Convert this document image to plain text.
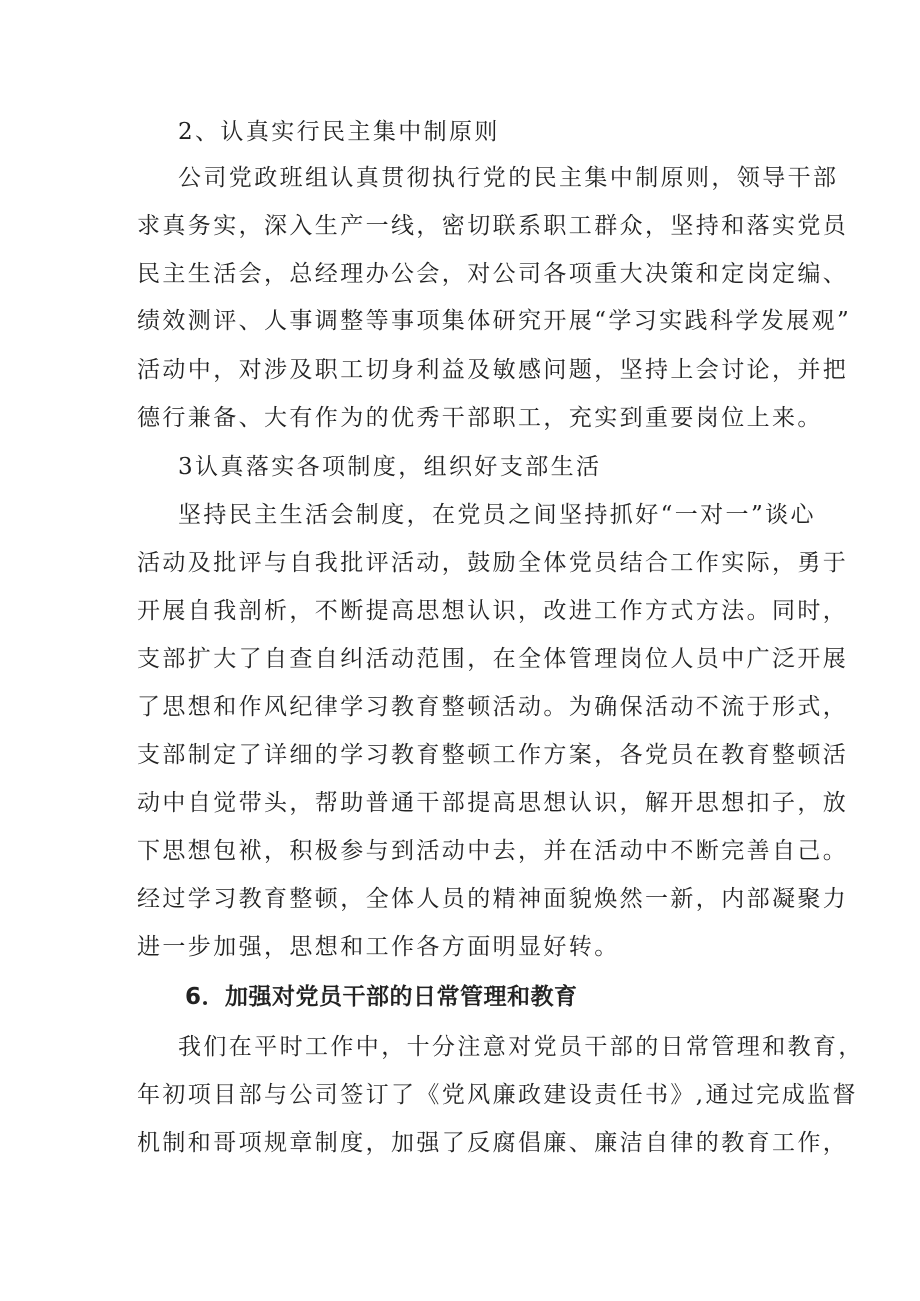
2、认真实行民主集中制原则
公司党政班组认真贯彻执行党的民主集中制原则，领导干部
求真务实，深入生产一线，密切联系职工群众，坚持和落实党员
民主生活会，总经理办公会，对公司各项重大决策和定岗定编、
绩效测评、人事调整等事项集体研究开展“学习实践科学发展观”
活动中，对涉及职工切身利益及敏感问题，坚持上会讨论，并把
德行兼备、大有作为的优秀干部职工，充实到重要岗位上来。
3认真落实各项制度，组织好支部生活
坚持民主生活会制度，在党员之间坚持抓好“一对一”谈心
活动及批评与自我批评活动，鼓励全体党员结合工作实际，勇于
开展自我剖析，不断提高思想认识，改进工作方式方法。同时，
支部扩大了自查自纠活动范围，在全体管理岗位人员中广泛开展
了思想和作风纪律学习教育整顿活动。为确保活动不流于形式，
支部制定了详细的学习教育整顿工作方案，各党员在教育整顿活
动中自觉带头，帮助普通干部提高思想认识，解开思想扣子，放
下思想包袱，积极参与到活动中去，并在活动中不断完善自己。
经过学习教育整顿，全体人员的精神面貌焕然一新，内部凝聚力
进一步加强，思想和工作各方面明显好转。
6．加强对党员干部的日常管理和教育
我们在平时工作中，十分注意对党员干部的日常管理和教育，
年初项目部与公司签订了《党风廉政建设责任书》,通过完成监督
机制和哥项规章制度，加强了反腐倡廉、廉洁自律的教育工作，
